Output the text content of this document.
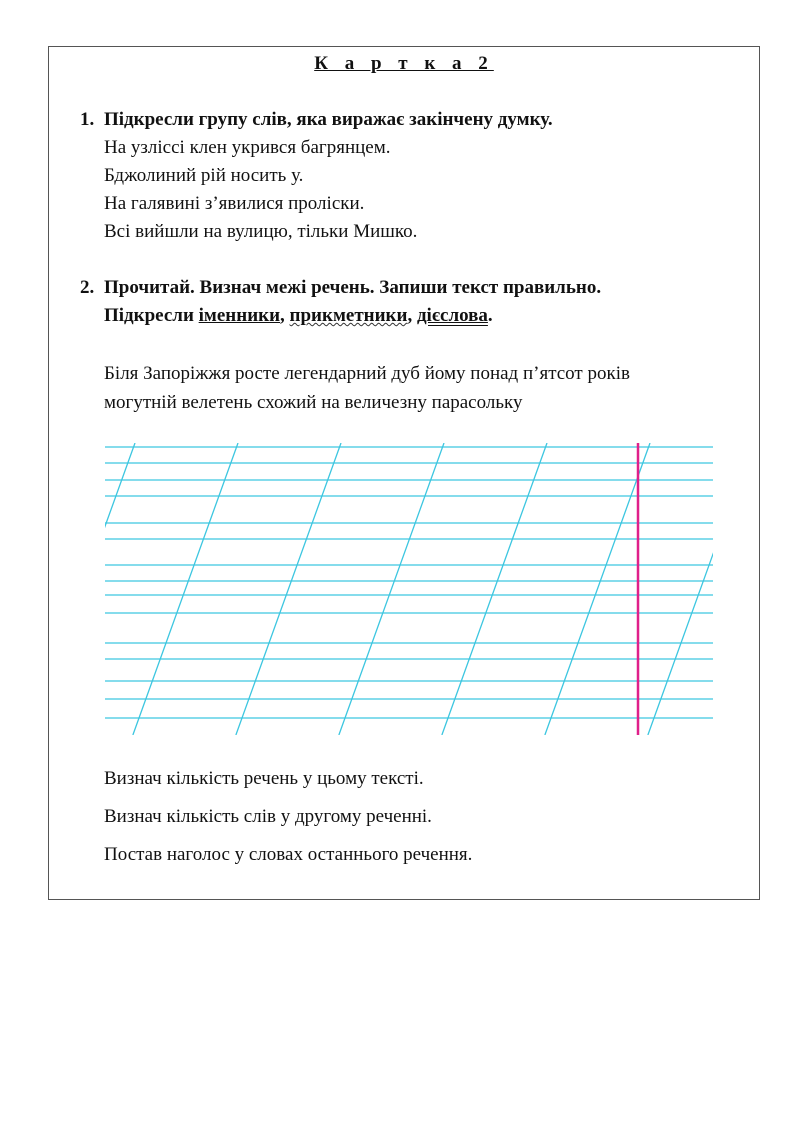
К а р т к а 2
1. Підкресли групу слів, яка виражає закінчену думку.
На узліссі клен укрився багрянцем.
Бджолиний рій носить у.
На галявині з’явилися проліски.
Всі вийшли на вулицю, тільки Мишко.
2. Прочитай. Визнач межі речень. Запиши текст правильно.
Підкресли іменники, прикметники, дієслова.
Біля Запоріжжя росте легендарний дуб йому понад п’ятсот років
могутній велетень схожий на величезну парасольку
Визнач кількість речень у цьому тексті.
Визнач кількість слів у другому реченні.
Постав наголос у словах останнього речення.
